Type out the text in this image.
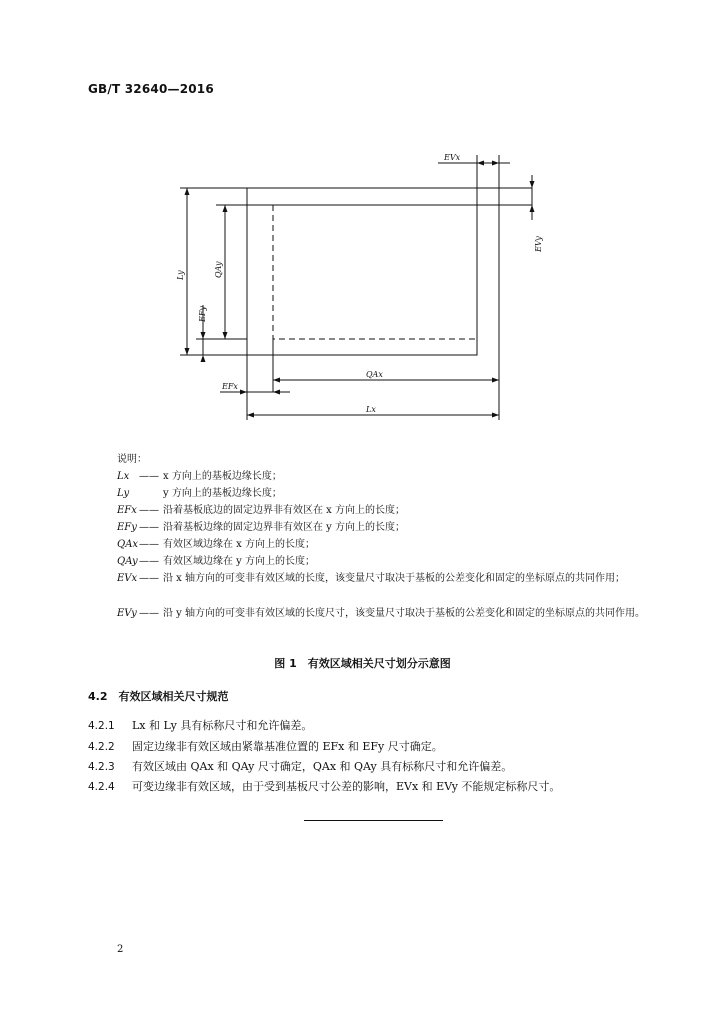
GB/T 32640—2016
EVx
EVy
Ly	QAy
EFy
EFx
QAx
Lx
说明：
Lx —— x 方向上的基板边缘长度；
Ly	y 方向上的基板边缘长度；
EFx —— 沿着基板底边的固定边界非有效区在 x 方向上的长度；
EFy —— 沿着基板边缘的固定边界非有效区在 y 方向上的长度；
QAx —— 有效区域边缘在 x 方向上的长度；
QAy —— 有效区域边缘在 y 方向上的长度；
EVx —— 沿 x 轴方向的可变非有效区域的长度，该变量尺寸取决于基板的公差变化和固定的坐标原点的共同作用；
EVy —— 沿 y 轴方向的可变非有效区域的长度尺寸，该变量尺寸取决于基板的公差变化和固定的坐标原点的共同作用。
图 1　有效区域相关尺寸划分示意图
4.2　有效区域相关尺寸规范
4.2.1 Lx 和 Ly 具有标称尺寸和允许偏差。
4.2.2 固定边缘非有效区域由紧靠基准位置的 EFx 和 EFy 尺寸确定。
4.2.3 有效区域由 QAx 和 QAy 尺寸确定，QAx 和 QAy 具有标称尺寸和允许偏差。
4.2.4 可变边缘非有效区域，由于受到基板尺寸公差的影响，EVx 和 EVy 不能规定标称尺寸。
2
